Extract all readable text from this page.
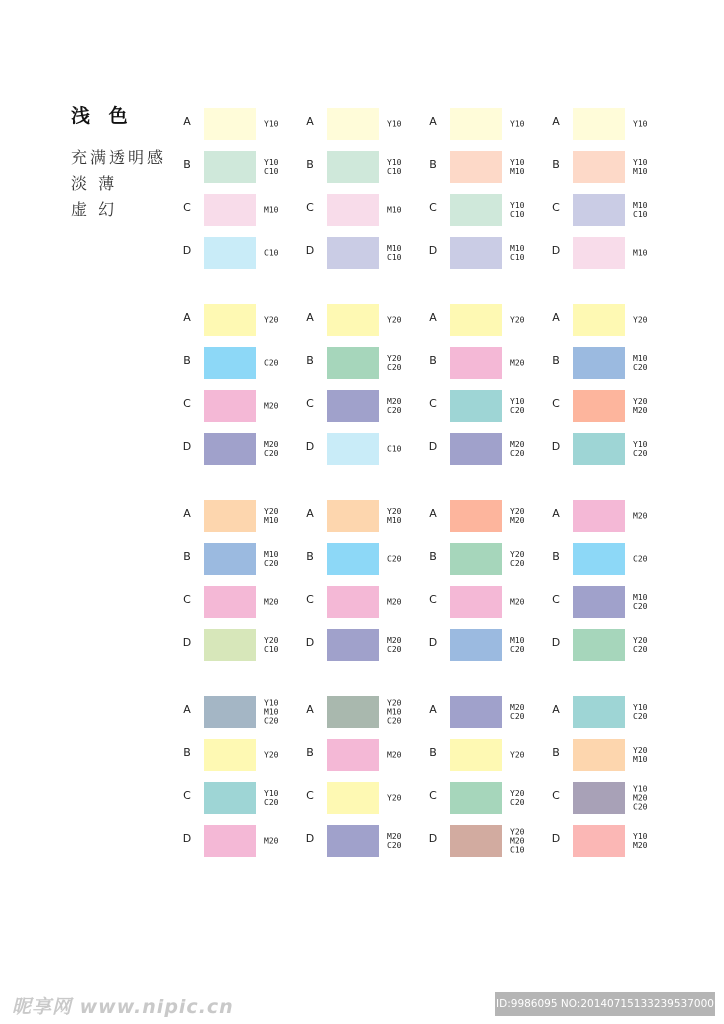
浅 色
充满透明感
淡 薄
虚 幻
A	Y10
B	Y10
C10
C	M10
D	C10
A	Y10
B	Y10
C10
C	M10
D	M10
C10
A	Y10
B	Y10
M10
C	Y10
C10
D	M10
C10
A	Y10
B	Y10
M10
C	M10
C10
D	M10
A	Y20
B	C20
C	M20
D	M20
C20
A	Y20
B	Y20
C20
C	M20
C20
D	C10
A	Y20
B	M20
C	Y10
C20
D	M20
C20
A	Y20
B	M10
C20
C	Y20
M20
D	Y10
C20
A	Y20
M10
B	M10
C20
C	M20
D	Y20
C10
A	Y20
M10
B	C20
C	M20
D	M20
C20
A	Y20
M20
B	Y20
C20
C	M20
D	M10
C20
A	M20
B	C20
C	M10
C20
D	Y20
C20
A	Y10
M10
C20
B	Y20
C	Y10
C20
D	M20
A	Y20
M10
C20
B	M20
C	Y20
D	M20
C20
A	M20
C20
B	Y20
C	Y20
C20
D	Y20
M20
C10
A	Y10
C20
B	Y20
M10
C	Y10
M20
C20
D	Y10
M20
昵享网 www.nipic.cn	ID:9986095 NO:20140715133239537000
